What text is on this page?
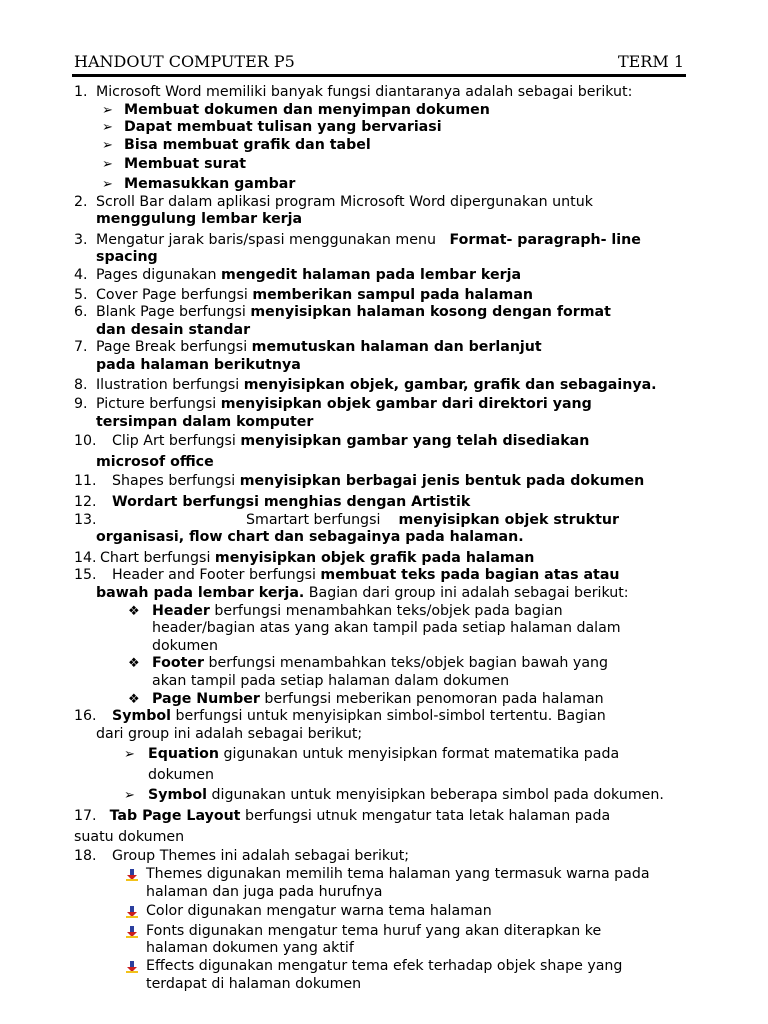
HANDOUT COMPUTER P5	TERM 1
1. Microsoft Word memiliki banyak fungsi diantaranya adalah sebagai berikut:
➢ Membuat dokumen dan menyimpan dokumen
➢ Dapat membuat tulisan yang bervariasi
➢ Bisa membuat grafik dan tabel
➢ Membuat surat
➢ Memasukkan gambar
2. Scroll Bar dalam aplikasi program Microsoft Word dipergunakan untuk
menggulung lembar kerja
3. Mengatur jarak baris/spasi menggunakan menu Format- paragraph- line
spacing
4. Pages digunakan mengedit halaman pada lembar kerja
5. Cover Page berfungsi memberikan sampul pada halaman
6. Blank Page berfungsi menyisipkan halaman kosong dengan format
dan desain standar
7. Page Break berfungsi memutuskan halaman dan berlanjut
pada halaman berikutnya
8. Ilustration berfungsi menyisipkan objek, gambar, grafik dan sebagainya.
9. Picture berfungsi menyisipkan objek gambar dari direktori yang
tersimpan dalam komputer
10. Clip Art berfungsi menyisipkan gambar yang telah disediakan
microsof office
11. Shapes berfungsi menyisipkan berbagai jenis bentuk pada dokumen
12. Wordart berfungsi menghias dengan Artistik
13.	Smartart berfungsi menyisipkan objek struktur
organisasi, flow chart dan sebagainya pada halaman.
14. Chart berfungsi menyisipkan objek grafik pada halaman
15. Header and Footer berfungsi membuat teks pada bagian atas atau
bawah pada lembar kerja. Bagian dari group ini adalah sebagai berikut:
❖ Header berfungsi menambahkan teks/objek pada bagian
header/bagian atas yang akan tampil pada setiap halaman dalam
dokumen
❖ Footer berfungsi menambahkan teks/objek bagian bawah yang
akan tampil pada setiap halaman dalam dokumen
❖ Page Number berfungsi meberikan penomoran pada halaman
16. Symbol berfungsi untuk menyisipkan simbol-simbol tertentu. Bagian
dari group ini adalah sebagai berikut;
➢ Equation gigunakan untuk menyisipkan format matematika pada
dokumen
➢ Symbol digunakan untuk menyisipkan beberapa simbol pada dokumen.
17. Tab Page Layout berfungsi utnuk mengatur tata letak halaman pada
suatu dokumen
18. Group Themes ini adalah sebagai berikut;
Themes digunakan memilih tema halaman yang termasuk warna pada
halaman dan juga pada hurufnya
Color digunakan mengatur warna tema halaman
Fonts digunakan mengatur tema huruf yang akan diterapkan ke
halaman dokumen yang aktif
Effects digunakan mengatur tema efek terhadap objek shape yang
terdapat di halaman dokumen
